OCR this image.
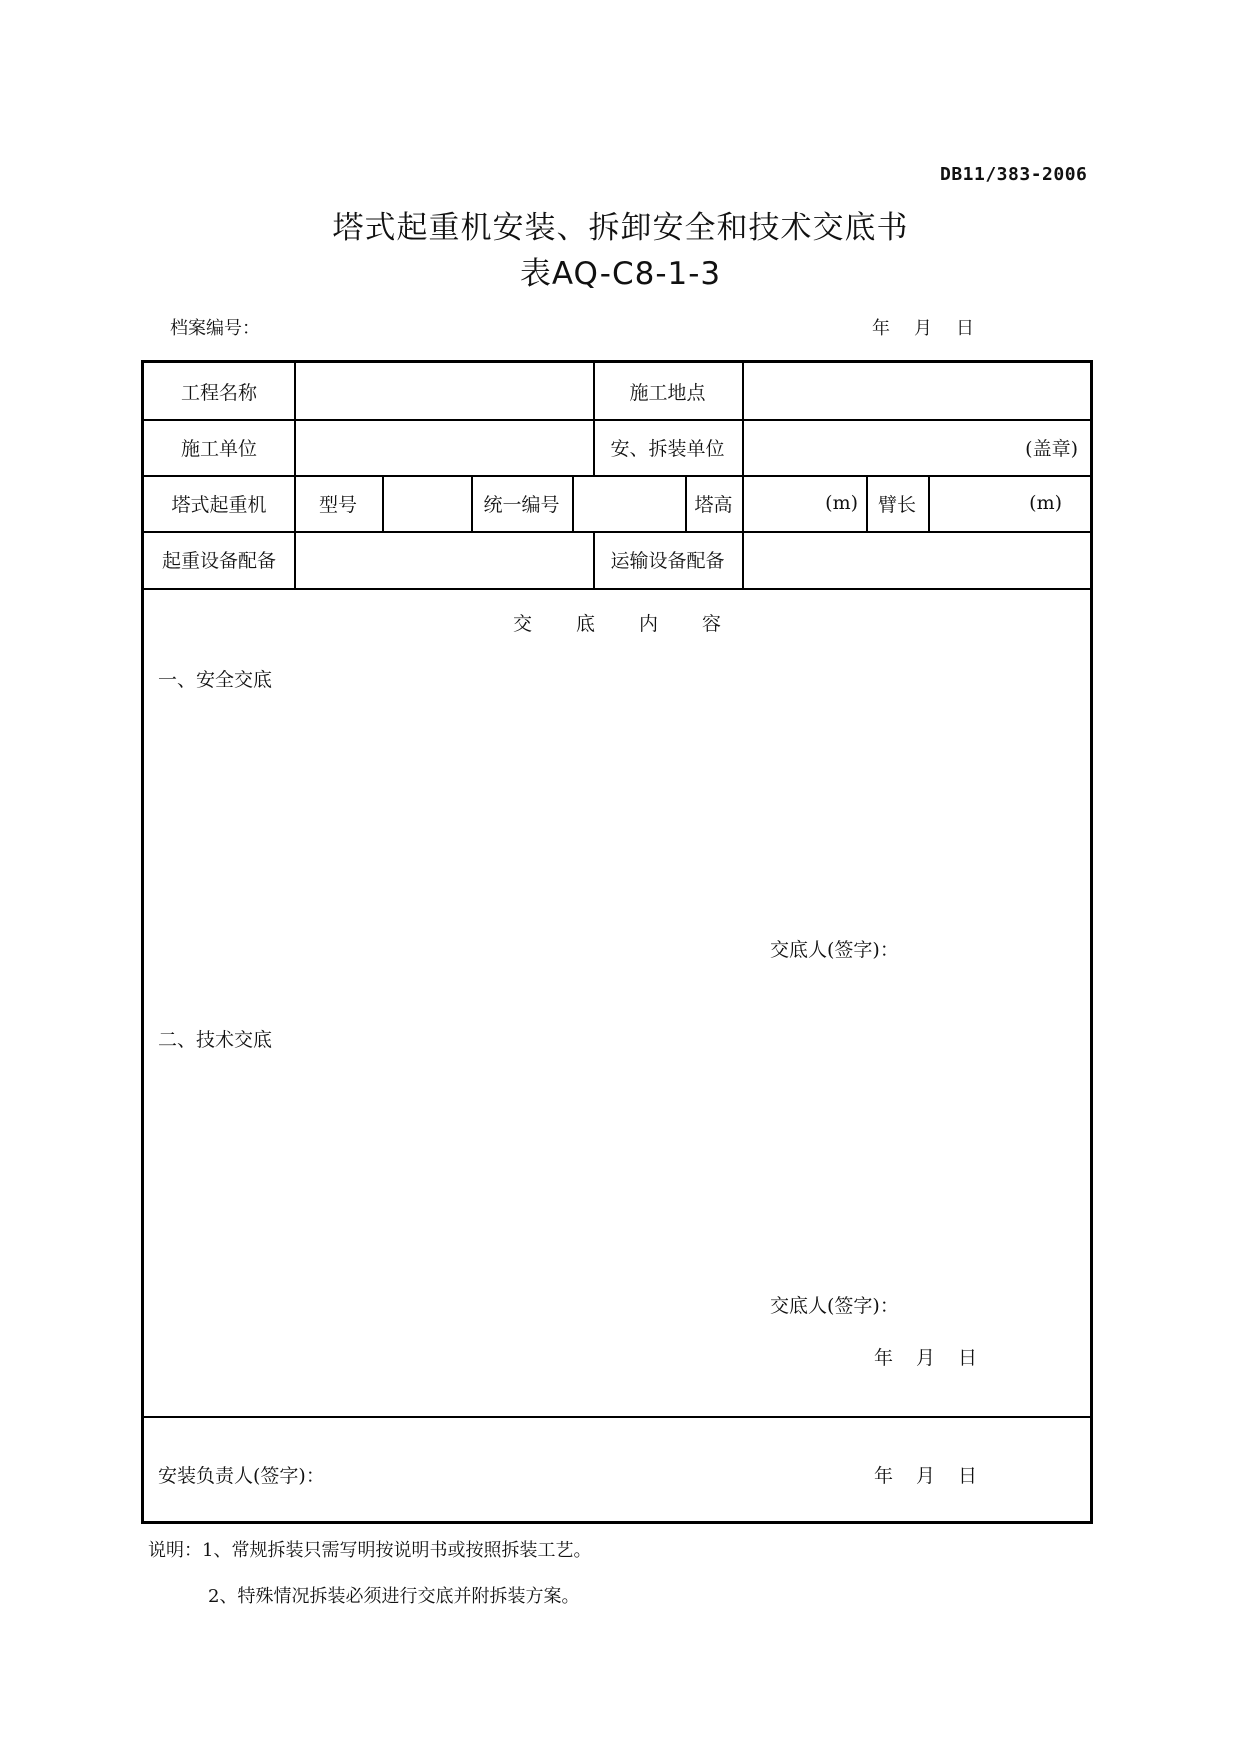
DB11/383-2006
塔式起重机安装、拆卸安全和技术交底书
表AQ-C8-1-3
档案编号：	年 月 日
工程名称	施工地点
施工单位	安、拆装单位	(盖章)
塔式起重机	型号	统一编号	塔高	(m)	臂长	(m)
起重设备配备	运输设备配备
交 底 内 容
一、安全交底
交底人(签字)：
二、技术交底
交底人(签字)：
年 月 日
安装负责人(签字)：	年 月 日
说明：1、常规拆装只需写明按说明书或按照拆装工艺。
2、特殊情况拆装必须进行交底并附拆装方案。
